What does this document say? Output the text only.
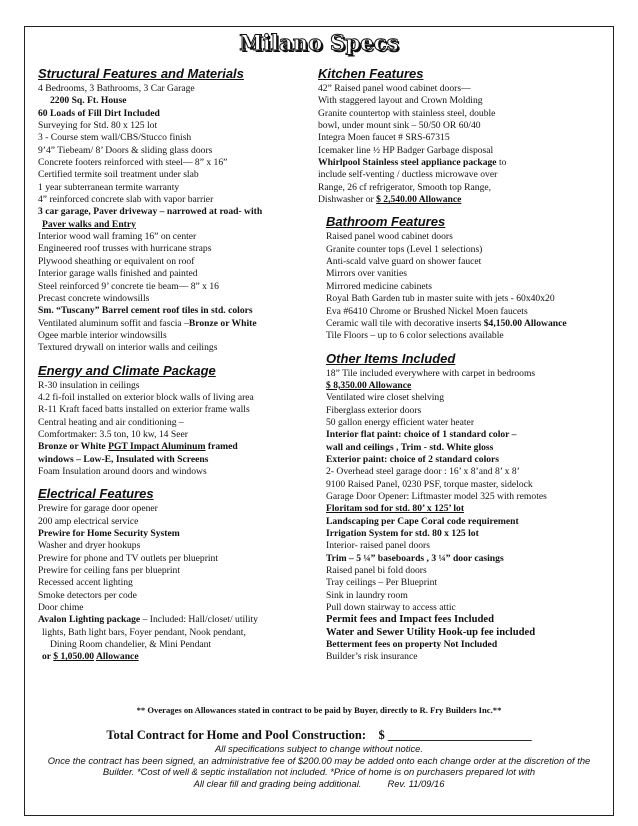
Milano Specs
Structural Features and Materials
4 Bedrooms, 3 Bathrooms, 3 Car Garage
2200 Sq. Ft. House
60 Loads of Fill Dirt Included
Surveying for Std. 80 x 125 lot
3 - Course stem wall/CBS/Stucco finish
9’4” Tiebeam/ 8’ Doors & sliding glass doors
Concrete footers reinforced with steel— 8” x 16”
Certified termite soil treatment under slab
1 year subterranean termite warranty
4” reinforced concrete slab with vapor barrier
3 car garage, Paver driveway – narrowed at road- with
Paver walks and Entry
Interior wood wall framing 16” on center
Engineered roof trusses with hurricane straps
Plywood sheathing or equivalent on roof
Interior garage walls finished and painted
Steel reinforced 9’ concrete tie beam— 8” x 16
Precast concrete windowsills
Sm. “Tuscany” Barrel cement roof tiles in std. colors
Ventilated aluminum soffit and fascia –Bronze or White
Ogee marble interior windowsills
Textured drywall on interior walls and ceilings
Energy and Climate Package
R-30 insulation in ceilings
4.2 fi-foil installed on exterior block walls of living area
R-11 Kraft faced batts installed on exterior frame walls
Central heating and air conditioning –
Comfortmaker: 3.5 ton, 10 kw, 14 Seer
Bronze or White PGT Impact Aluminum framed
windows – Low-E, Insulated with Screens
Foam Insulation around doors and windows
Electrical Features
Prewire for garage door opener
200 amp electrical service
Prewire for Home Security System
Washer and dryer hookups
Prewire for phone and TV outlets per blueprint
Prewire for ceiling fans per blueprint
Recessed accent lighting
Smoke detectors per code
Door chime
Avalon Lighting package – Included: Hall/closet/ utility
lights, Bath light bars, Foyer pendant, Nook pendant,
Dining Room chandelier, & Mini Pendant
or $ 1,050.00 Allowance
Kitchen Features
42” Raised panel wood cabinet doors—
With staggered layout and Crown Molding
Granite countertop with stainless steel, double
bowl, under mount sink – 50/50 OR 60/40
Integra Moen faucet # SRS-67315
Icemaker line ½ HP Badger Garbage disposal
Whirlpool Stainless steel appliance package to
include self-venting / ductless microwave over
Range, 26 cf refrigerator, Smooth top Range,
Dishwasher or $ 2,540.00 Allowance
Bathroom Features
Raised panel wood cabinet doors
Granite counter tops (Level 1 selections)
Anti-scald valve guard on shower faucet
Mirrors over vanities
Mirrored medicine cabinets
Royal Bath Garden tub in master suite with jets - 60x40x20
Eva #6410 Chrome or Brushed Nickel Moen faucets
Ceramic wall tile with decorative inserts $4,150.00 Allowance
Tile Floors – up to 6 color selections available
Other Items Included
18” Tile included everywhere with carpet in bedrooms
$ 8,350.00 Allowance
Ventilated wire closet shelving
Fiberglass exterior doors
50 gallon energy efficient water heater
Interior flat paint: choice of 1 standard color –
wall and ceilings , Trim - std. White gloss
Exterior paint: choice of 2 standard colors
2- Overhead steel garage door : 16’ x 8’and 8’ x 8’
9100 Raised Panel, 0230 PSF, torque master, sidelock
Garage Door Opener: Liftmaster model 325 with remotes
Floritam sod for std. 80’ x 125’ lot
Landscaping per Cape Coral code requirement
Irrigation System for std. 80 x 125 lot
Interior- raised panel doors
Trim – 5 ¼” baseboards , 3 ¼” door casings
Raised panel bi fold doors
Tray ceilings – Per Blueprint
Sink in laundry room
Pull down stairway to access attic
Permit fees and Impact fees Included
Water and Sewer Utility Hook-up fee included
Betterment fees on property Not Included
Builder’s risk insurance
** Overages on Allowances stated in contract to be paid by Buyer, directly to R. Fry Builders Inc.**
Total Contract for Home and Pool Construction: $ _______________________
All specifications subject to change without notice.
Once the contract has been signed, an administrative fee of $200.00 may be added onto each change order at the discretion of the
Builder. *Cost of well & septic installation not included. *Price of home is on purchasers prepared lot with
All clear fill and grading being additional.	Rev. 11/09/16
